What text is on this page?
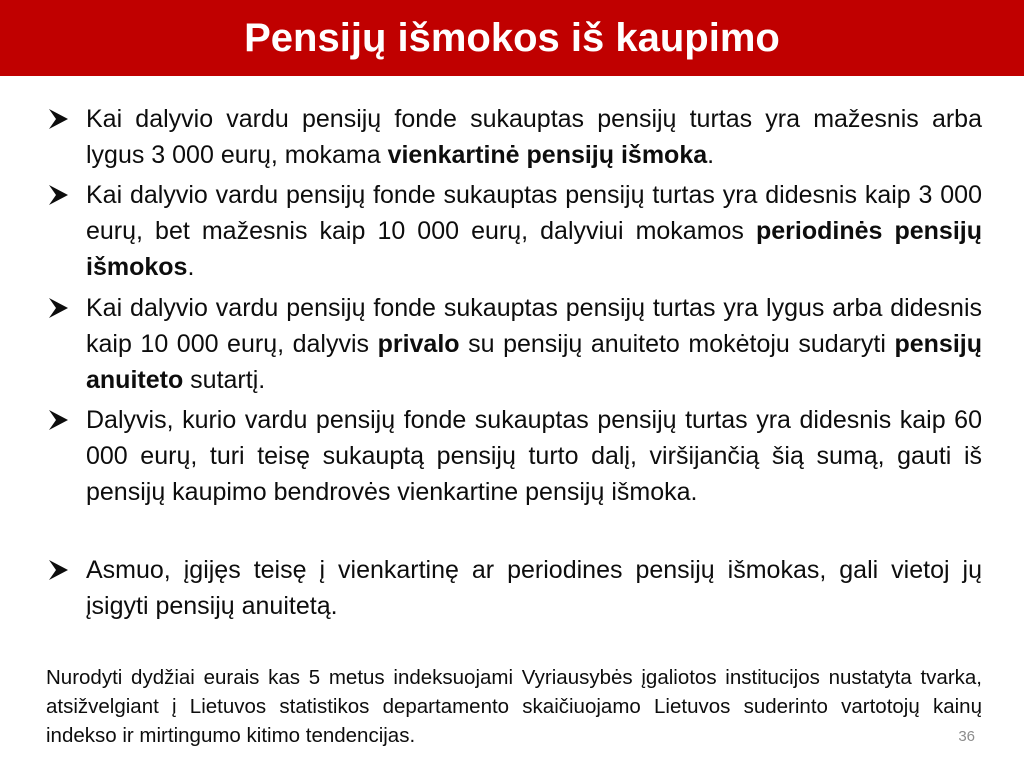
Pensijų išmokos iš kaupimo
Kai dalyvio vardu pensijų fonde sukauptas pensijų turtas yra mažesnis arba lygus 3 000 eurų, mokama vienkartinė pensijų išmoka.
Kai dalyvio vardu pensijų fonde sukauptas pensijų turtas yra didesnis kaip 3 000 eurų, bet mažesnis kaip 10 000 eurų, dalyviui mokamos periodinės pensijų išmokos.
Kai dalyvio vardu pensijų fonde sukauptas pensijų turtas yra lygus arba didesnis kaip 10 000 eurų, dalyvis privalo su pensijų anuiteto mokėtoju sudaryti pensijų anuiteto sutartį.
Dalyvis, kurio vardu pensijų fonde sukauptas pensijų turtas yra didesnis kaip 60 000 eurų, turi teisę sukauptą pensijų turto dalį, viršijančią šią sumą, gauti iš pensijų kaupimo bendrovės vienkartine pensijų išmoka.
Asmuo, įgijęs teisę į vienkartinę ar periodines pensijų išmokas, gali vietoj jų įsigyti pensijų anuitetą.
Nurodyti dydžiai eurais kas 5 metus indeksuojami Vyriausybės įgaliotos institucijos nustatyta tvarka, atsižvelgiant į Lietuvos statistikos departamento skaičiuojamo Lietuvos suderinto vartotojų kainų indekso ir mirtingumo kitimo tendencijas.	36
